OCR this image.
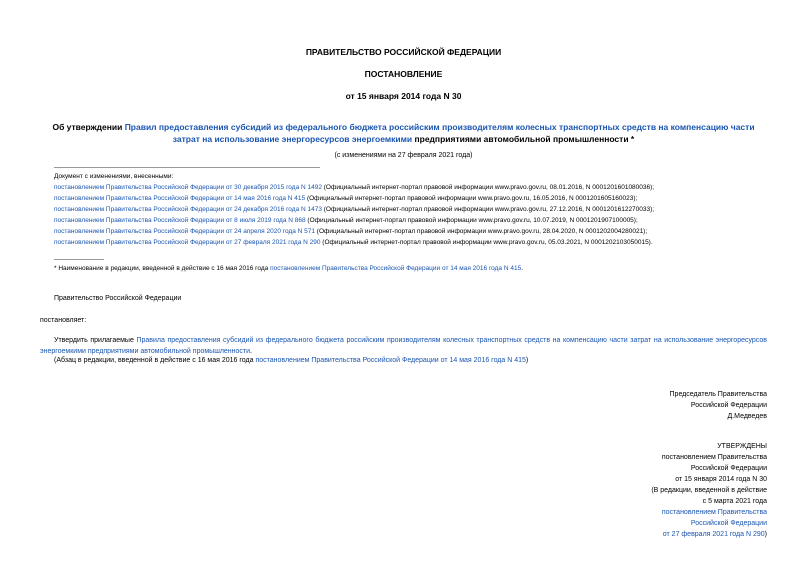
ПРАВИТЕЛЬСТВО РОССИЙСКОЙ ФЕДЕРАЦИИ
ПОСТАНОВЛЕНИЕ
от 15 января 2014 года N 30
Об утверждении Правил предоставления субсидий из федерального бюджета российским производителям колесных транспортных средств на компенсацию части затрат на использование энергоресурсов энергоемкими предприятиями автомобильной промышленности *
(с изменениями на 27 февраля 2021 года)
Документ с изменениями, внесенными:
постановлением Правительства Российской Федерации от 30 декабря 2015 года N 1492 (Официальный интернет-портал правовой информации www.pravo.gov.ru, 08.01.2016, N 0001201601080036);
постановлением Правительства Российской Федерации от 14 мая 2016 года N 415 (Официальный интернет-портал правовой информации www.pravo.gov.ru, 16.05.2016, N 0001201605160023);
постановлением Правительства Российской Федерации от 24 декабря 2016 года N 1473 (Официальный интернет-портал правовой информации www.pravo.gov.ru, 27.12.2016, N 0001201612270033);
постановлением Правительства Российской Федерации от 8 июля 2019 года N 868 (Официальный интернет-портал правовой информации www.pravo.gov.ru, 10.07.2019, N 0001201907100005);
постановлением Правительства Российской Федерации от 24 апреля 2020 года N 571 (Официальный интернет-портал правовой информации www.pravo.gov.ru, 28.04.2020, N 0001202004280021);
постановлением Правительства Российской Федерации от 27 февраля 2021 года N 290 (Официальный интернет-портал правовой информации www.pravo.gov.ru, 05.03.2021, N 0001202103050015).
* Наименование в редакции, введенной в действие с 16 мая 2016 года постановлением Правительства Российской Федерации от 14 мая 2016 года N 415.
Правительство Российской Федерации
постановляет:
Утвердить прилагаемые Правила предоставления субсидий из федерального бюджета российским производителям колесных транспортных средств на компенсацию части затрат на использование энергоресурсов энергоемкими предприятиями автомобильной промышленности.
(Абзац в редакции, введенной в действие с 16 мая 2016 года постановлением Правительства Российской Федерации от 14 мая 2016 года N 415)
Председатель Правительства
Российской Федерации
Д.Медведев
УТВЕРЖДЕНЫ
постановлением Правительства
Российской Федерации
от 15 января 2014 года N 30
(В редакции, введенной в действие
с 5 марта 2021 года
постановлением Правительства
Российской Федерации
от 27 февраля 2021 года N 290)
